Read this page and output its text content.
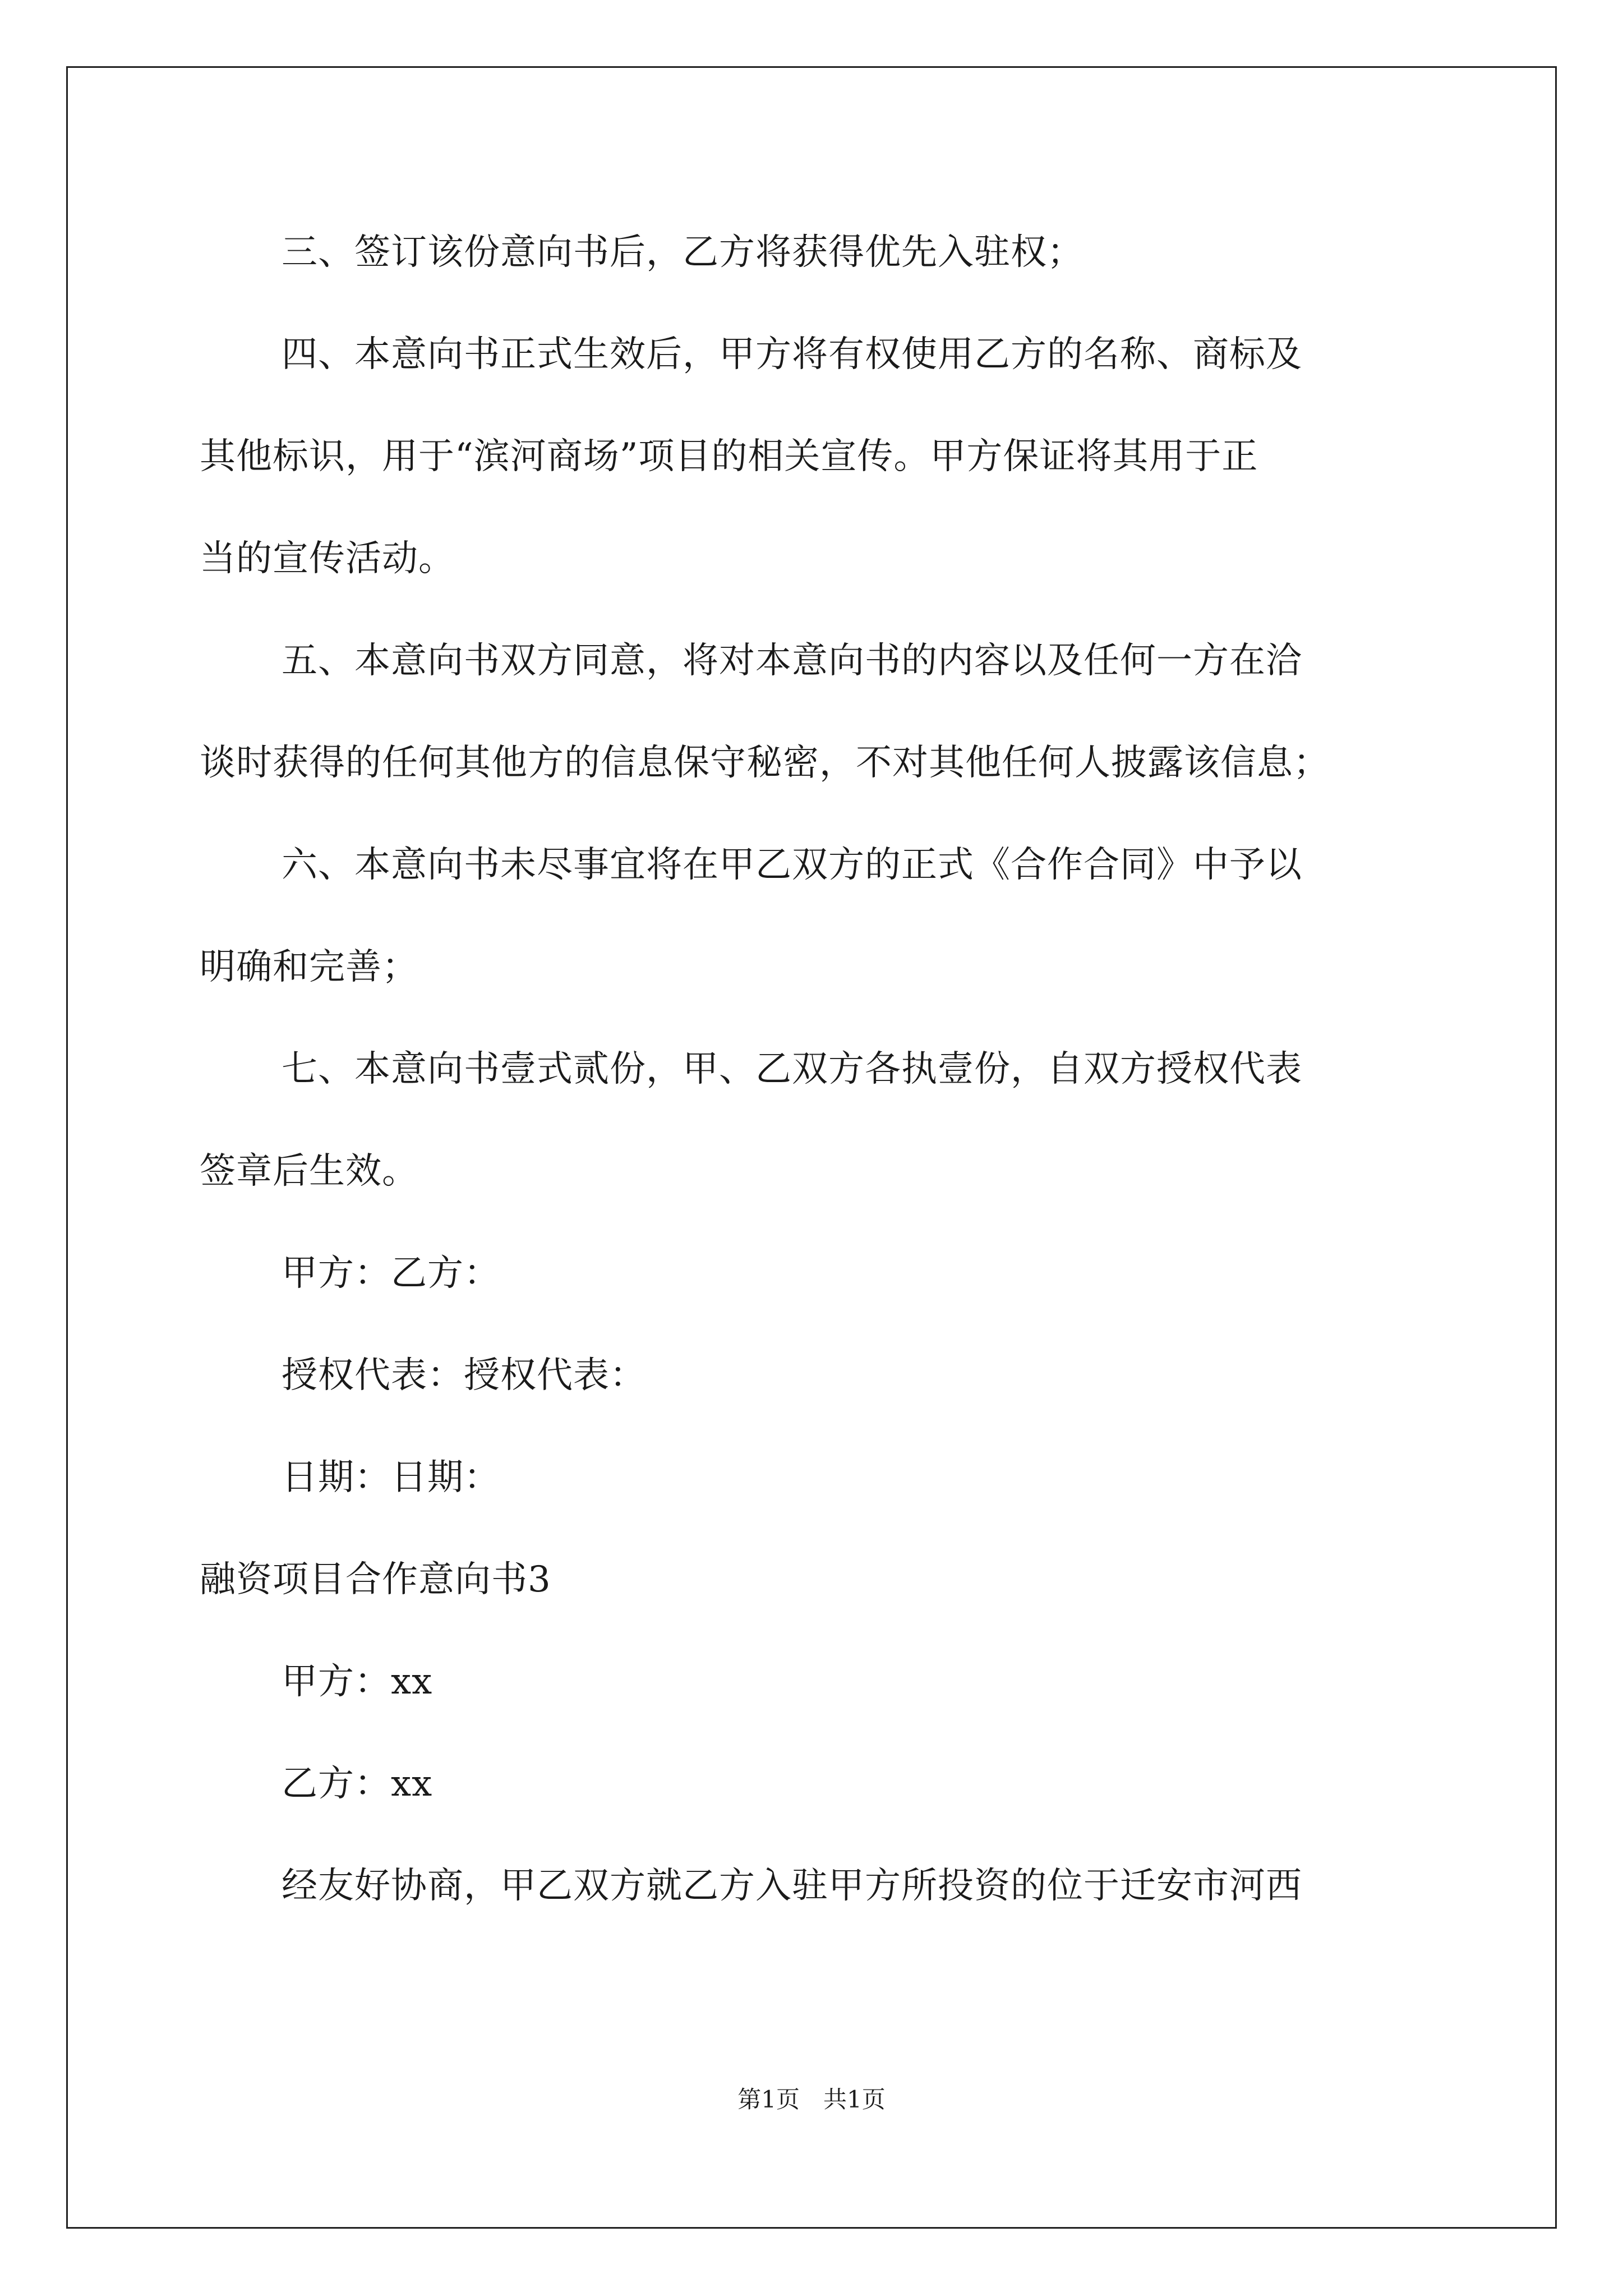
三、签订该份意向书后，乙方将获得优先入驻权；
四、本意向书正式生效后，甲方将有权使用乙方的名称、商标及
其他标识，用于“滨河商场”项目的相关宣传。甲方保证将其用于正
当的宣传活动。
五、本意向书双方同意，将对本意向书的内容以及任何一方在洽
谈时获得的任何其他方的信息保守秘密，不对其他任何人披露该信息；
六、本意向书未尽事宜将在甲乙双方的正式《合作合同》中予以
明确和完善；
七、本意向书壹式贰份，甲、乙双方各执壹份，自双方授权代表
签章后生效。
甲方：乙方：
授权代表：授权代表：
日期：日期：
融资项目合作意向书3
甲方：xx
乙方：xx
经友好协商，甲乙双方就乙方入驻甲方所投资的位于迁安市河西
第1页　共1页
